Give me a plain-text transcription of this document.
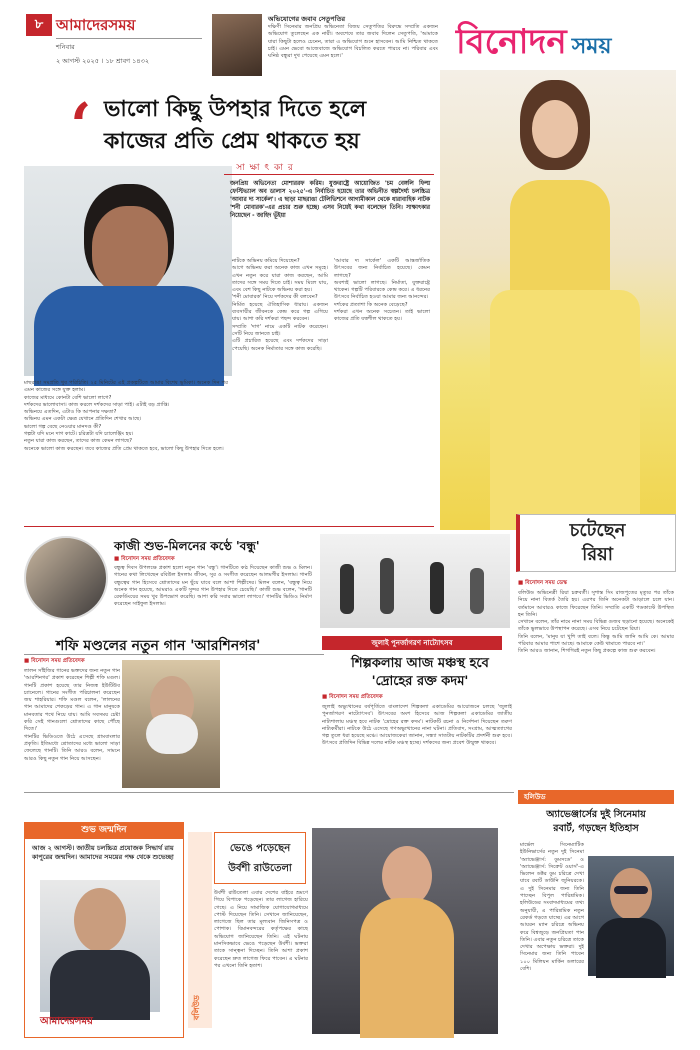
৮ আমাদেরসময়
শনিবার
২ আগস্ট ২০২৫ । ১৮ শ্রাবণ ১৪৩২
অভিযোগের জবাব সেতুপতির
দক্ষিণী সিনেমার জনপ্রিয় অভিনেতা বিজয় সেতুপতির বিরুদ্ধে সম্প্রতি একজন অভিযোগ তুলেছেন এক নারী। অবশেষে তার জবাব দিলেন সেতুপতি, 'আমাকে যারা কিছুটা হলেও চেনেন, তারা এ অভিযোগ শুনে হাসবেন। আমি নিশ্চিত থাকতে চাই। এমন ভেবো আজেবাজে অভিযোগ বিচলিত করতে পারবে না। পরিবার এবং ঘনিষ্ঠ বন্ধুরা দুখ পেয়েছে এমন হলে।'	বিনোদন সময়
‘ ভালো কিছু উপহার দিতে হলে
কাজের প্রতি প্রেম থাকতে হয়
সা ক্ষা ৎ কা র
জনপ্রিয় অভিনেতা মোশাররফ করিম। যুক্তরাষ্ট্রে আয়োজিত 'চম বেঙ্গলি ফিল্ম ফেস্টিভ্যাল অব ডালাস ২০২৫'-এ নির্বাচিত হয়েছে তার অভিনীত স্বল্পদৈর্ঘ্য চলচ্চিত্র 'আবার দ্য সার্কেল'। এ ছাড়া মাছরাঙা টেলিভিশনে আগামীকাল থেকে ধারাবাহিক নাটক 'শনী মোবারক'-এর প্রচার শুরু হচ্ছে। এসব নিয়েই কথা বলেছেন তিনি। সাক্ষাৎকার নিয়েছেন - জাহিদ ভূঁইয়া
নাটকে অভিনয় কমিয়ে দিয়েছেন?
আগে অভিনয় করা অনেক কাজ এখন সমূহে। এখন নতুন করে যারা কাজ করছেন, আমি তাদের সঙ্গে সময় দিতে চাই। সময় মিলে যায়, এবং বেশ কিছু নাটকে অভিনয় করা হয়।
'শনী মোবারক' নিয়ে দর্শকদের কী বলবেন?
নির্মিত হয়েছে ঐতিহাসিক ধারায়। একজন ব্যবসায়ীর জীবনকে কেন্দ্র করে গল্প এগিয়ে যায়। আশা করি দর্শকরা পছন্দ করবেন।
সম্প্রতি 'দাগ' নামে একটি নাটক করেছেন। সেটি নিয়ে জানতে চাই।
এটি প্রচারিত হয়েছে এবং দর্শকদের সাড়া পেয়েছি। অনেক নির্মাতার সঙ্গে কাজ করেছি।
'আবার দ্য সার্কেল' একটি আন্তর্জাতিক উৎসবের জন্য নির্বাচিত হয়েছে। কেমন লাগছে?
অবশ্যই ভালো লাগছে। নির্মাতা, যুক্তরাষ্ট্রে থাকেন। গল্পটি পরিবারকে কেন্দ্র করে। এ ধরনের উৎসবে নির্বাচিত হওয়া আমার জন্য আনন্দের।
দর্শকের প্রত্যাশা কি অনেক বেড়েছে?
দর্শকরা এখন অনেক সচেতন। তাই ভালো কাজের প্রতি যত্নশীল থাকতে হয়।
মাছরাঙা সমপ্রতি খুব পরিচিতি। ২৫ মিনিটের এই প্রকল্পটিতে আমার বিশেষ ভূমিকা। অনেক দিন পর এমন কাজের সঙ্গে যুক্ত হলাম।
কাজের মাধ্যমে কোনটা বেশি ভালো লাগে?
দর্শকদের ভালোবাসা। কাজ করলে দর্শকদের সাড়া পাই। এটাই বড় প্রাপ্তি।
অভিনয়ে এতদিন, এটাও কি আপনার দক্ষতা?
অভিনয় এমন একটা ক্ষেত্র যেখানে প্রতিদিন শেখার আছে।
ভালো গল্প বেছে নেওয়ার মানদণ্ড কী?
গল্পটা যদি মনে দাগ কাটে। চরিত্রটা যদি চ্যালেঞ্জিং হয়।
নতুন যারা কাজ করছেন, তাদের কাজ কেমন লাগছে?
অনেকে ভালো কাজ করছেন। তবে কাজের প্রতি প্রেম থাকতে হবে, ভালো কিছু উপহার দিতে হলে।
চটেছেন
রিয়া
■ বিনোদন সময় ডেস্ক
বলিউড অভিনেত্রী রিয়া চক্রবর্তী। সুশান্ত সিং রাজপুতের মৃত্যুর পর তাঁকে নিয়ে নানা বিতর্ক তৈরি হয়। এরপর তিনি অনেকটা আড়ালে চলে যান। বর্তমানে আবারও কাজে ফিরেছেন তিনি। সম্প্রতি একটি পডকাস্টে উপস্থিত হন তিনি।
সেখানে বলেন, তাঁর নামে নানা সময় বিভিন্ন গুজব ছড়ানো হয়েছে। অনেকেই তাঁকে ভুলভাবে উপস্থাপন করেছে। এসব নিয়ে চটেছেন রিয়া।
তিনি বলেন, 'মানুষ যা খুশি তাই বলে। কিন্তু আমি জানি আমি কে। আমার পরিবার আমার পাশে আছে। আমাকে কেউ থামাতে পারবে না।'
তিনি আরও জানান, শিগগিরই নতুন কিছু প্রকল্পে কাজ শুরু করবেন।
কাজী শুভ-মিলনের কণ্ঠে 'বন্ধু'
■ বিনোদন সময় প্রতিবেদক
বন্ধুত্ব দিবস উপলক্ষে প্রকাশ হলো নতুন গান 'বন্ধু'। গানটিতে কণ্ঠ দিয়েছেন কাজী শুভ ও মিলন। গানের কথা লিখেছেন রবিউল ইসলাম জীবন, সুর ও সংগীত করেছেন আলমগীর ইসলাম। গানটি বন্ধুত্বের গান হিসেবে শ্রোতাদের মন ছুঁয়ে যাবে বলে আশা শিল্পীদের। মিলন বলেন, 'বন্ধুত্ব নিয়ে অনেক গান হয়েছে, আমরাও একটি সুন্দর গান উপহার দিতে চেয়েছি।' কাজী শুভ বলেন, 'গানটি রেকর্ডিংয়ের সময় খুব উপভোগ করেছি। আশা করি সবার ভালো লাগবে।' গানটির ভিডিও নির্মাণ করেছেন সাইফুল ইসলাম।
শফি মণ্ডলের নতুন গান 'আরশিনগর'
■ বিনোদন সময় প্রতিবেদক
লালন সাঁইজির গানের ভক্তদের জন্য নতুন গান 'আরশিনগর' প্রকাশ করেছেন শিল্পী শফি মণ্ডল। গানটি প্রকাশ হয়েছে তার নিজস্ব ইউটিউব চ্যানেলে। গানের সংগীত পরিচালনা করেছেন জয় শাহরিয়ার। শফি মণ্ডল বলেন, 'লালনের গান আমাদের শেকড়ের গান। এ গান মানুষকে মানবতার পথে নিয়ে যায়। আমি সবসময় চেষ্টা করি সেই গানগুলো শ্রোতাদের কাছে পৌঁছে দিতে।'
গানটির ভিডিওতে উঠে এসেছে গ্রামবাংলার প্রকৃতি। ইতিমধ্যে শ্রোতাদের মধ্যে ভালো সাড়া ফেলেছে গানটি। তিনি আরও বলেন, সামনে আরও কিছু নতুন গান নিয়ে আসছেন।
জুলাই পুনর্জাগরণ নাট্যোৎসব
শিল্পকলায় আজ মঞ্চস্থ হবে
'দ্রোহের রক্ত কদম'
■ বিনোদন সময় প্রতিবেদক
জুলাই অভ্যুত্থানের বর্ষপূর্তিতে বাংলাদেশ শিল্পকলা একাডেমির আয়োজনে চলছে 'জুলাই পুনর্জাগরণ নাট্যোৎসব'। উৎসবের অংশ হিসেবে আজ শিল্পকলা একাডেমির জাতীয় নাট্যশালায় মঞ্চস্থ হবে নাটক 'দ্রোহের রক্ত কদম'। নাটকটি রচনা ও নির্দেশনা দিয়েছেন তরুণ নাট্যকর্মীরা। নাটকে উঠে এসেছে গণঅভ্যুত্থানের নানা ঘটনা। প্রতিবাদ, সংগ্রাম, আত্মত্যাগের গল্প তুলে ধরা হয়েছে মঞ্চে। আয়োজকেরা জানান, সন্ধ্যা সাতটায় নাটকটির প্রদর্শনী শুরু হবে। উৎসবে প্রতিদিন বিভিন্ন দলের নাটক মঞ্চস্থ হচ্ছে। দর্শকদের জন্য প্রবেশ উন্মুক্ত থাকবে।
শুভ জন্মদিন
আজ ২ আগস্ট। জাতীয় চলচ্চিত্র প্রযোজক সিদ্ধার্থ রায় কাপুরের জন্মদিন। আমাদের সময়ের পক্ষ থেকে শুভেচ্ছা
আমাদেরসময়
বলিউড
ভেঙে পড়েছেন
উর্বশী রাউতেলা
উর্বশী রাউতেলা এবার দেশের বাইরে ভ্রমণে গিয়ে বিপাকে পড়েছেন। তার লাগেজ হারিয়ে গেছে। এ নিয়ে সামাজিক যোগাযোগমাধ্যমে পোস্ট দিয়েছেন তিনি। সেখানে জানিয়েছেন, লাগেজে ছিল তার মূল্যবান জিনিসপত্র ও পোশাক। বিমানবন্দরের কর্তৃপক্ষের কাছে অভিযোগ জানিয়েছেন তিনি। এই ঘটনায় মানসিকভাবে ভেঙে পড়েছেন উর্বশী। ভক্তরা তাকে সান্ত্বনা দিচ্ছেন। তিনি আশা প্রকাশ করেছেন দ্রুত লাগেজ ফিরে পাবেন। এ ঘটনার পর এখনো তিনি হতাশ।
হলিউড
অ্যাভেঞ্জার্সের দুই সিনেমায়
রবার্ট, গড়ছেন ইতিহাস
মার্ভেল সিনেম্যাটিক ইউনিভার্সের নতুন দুই সিনেমা 'অ্যাভেঞ্জার্স: ডুমসডে' ও 'অ্যাভেঞ্জার্স: সিক্রেট ওয়ার্স'-এ ভিলেন ডক্টর ডুম চরিত্রে দেখা যাবে রবার্ট ডাউনি জুনিয়রকে। এ দুই সিনেমার জন্য তিনি পাচ্ছেন বিপুল পারিশ্রমিক। হলিউডের সংবাদমাধ্যমের তথ্য অনুযায়ী, এ পারিশ্রমিক নতুন রেকর্ড গড়তে যাচ্ছে। এর আগে আয়রন ম্যান চরিত্রে অভিনয় করে বিশ্বজুড়ে জনপ্রিয়তা পান তিনি। এবার নতুন চরিত্রে তাকে দেখার অপেক্ষায় ভক্তরা। দুই সিনেমার জন্য তিনি পাবেন ১০০ মিলিয়ন মার্কিন ডলারের বেশি।
